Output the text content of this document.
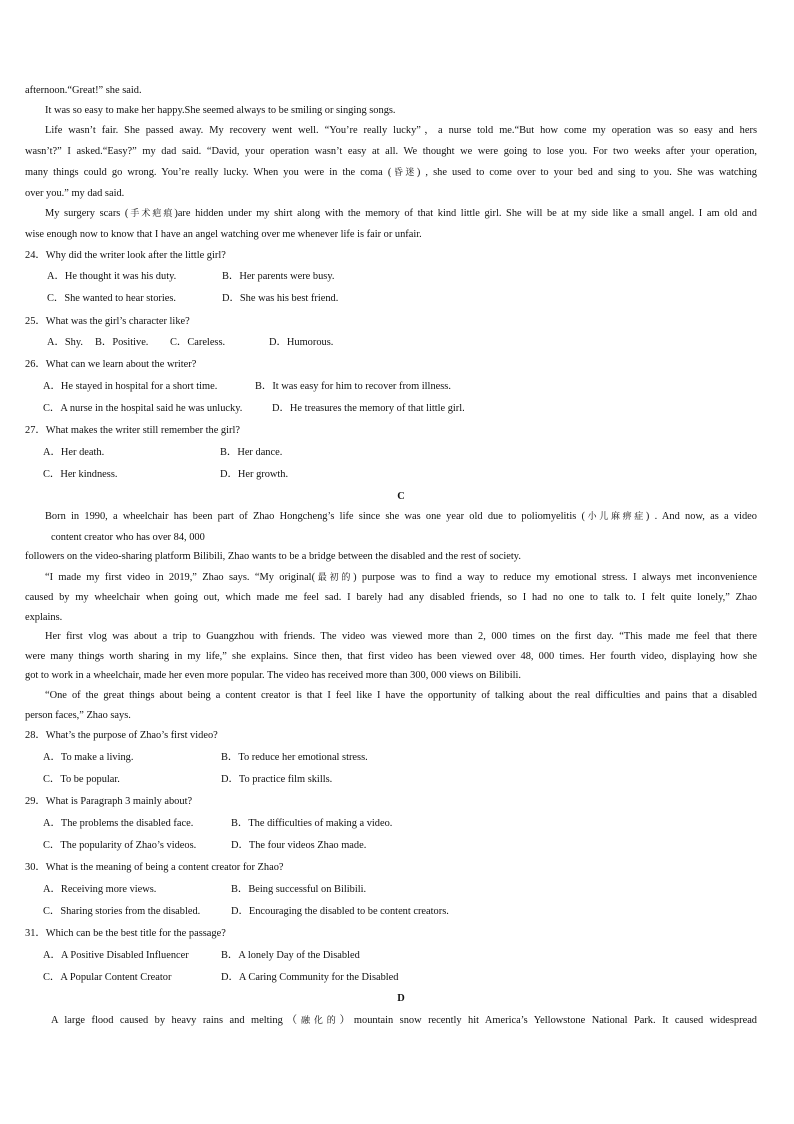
afternoon.“Great!” she said.
It was so easy to make her happy.She seemed always to be smiling or singing songs.
Life wasn’t fair. She passed away. My recovery went well. “You’re really lucky”，a nurse told me.“But how come my operation was so easy and hers
wasn’t?” I asked.“Easy?” my dad said. “David, your operation wasn’t easy at all. We thought we were going to lose you. For two weeks after your operation,
many things could go wrong. You’re really lucky. When you were in the coma (昏迷) , she used to come over to your bed and sing to you. She was watching
over you.” my dad said.
My surgery scars (手术疤痕)are hidden under my shirt along with the memory of that kind little girl. She will be at my side like a small angel. I am old and
wise enough now to know that I have an angel watching over me whenever life is fair or unfair.
24．Why did the writer look after the little girl?
A．He thought it was his duty.	B．Her parents were busy.
C．She wanted to hear stories.	D．She was his best friend.
25．What was the girl’s character like?
A．Shy. B．Positive. C．Careless.	D．Humorous.
26．What can we learn about the writer?
A．He stayed in hospital for a short time.	B．It was easy for him to recover from illness.
C．A nurse in the hospital said he was unlucky.	D．He treasures the memory of that little girl.
27．What makes the writer still remember the girl?
A．Her death.	B．Her dance.
C．Her kindness.	D．Her growth.
C
Born in 1990, a wheelchair has been part of Zhao Hongcheng’s life since she was one year old due to poliomyelitis (小儿麻痹症) . And now, as a video
content creator who has over 84, 000
followers on the video-sharing platform Bilibili, Zhao wants to be a bridge between the disabled and the rest of society.
“I made my first video in 2019,” Zhao says. “My original(最初的) purpose was to find a way to reduce my emotional stress. I always met inconvenience
caused by my wheelchair when going out, which made me feel sad. I barely had any disabled friends, so I had no one to talk to. I felt quite lonely,” Zhao
explains.
Her first vlog was about a trip to Guangzhou with friends. The video was viewed more than 2, 000 times on the first day. “This made me feel that there
were many things worth sharing in my life,” she explains. Since then, that first video has been viewed over 48, 000 times. Her fourth video, displaying how she
got to work in a wheelchair, made her even more popular. The video has received more than 300, 000 views on Bilibili.
“One of the great things about being a content creator is that I feel like I have the opportunity of talking about the real difficulties and pains that a disabled
person faces,” Zhao says.
28．What’s the purpose of Zhao’s first video?
A．To make a living.	B．To reduce her emotional stress.
C．To be popular.	D．To practice film skills.
29．What is Paragraph 3 mainly about?
A．The problems the disabled face.	B．The difficulties of making a video.
C．The popularity of Zhao’s videos.	D．The four videos Zhao made.
30．What is the meaning of being a content creator for Zhao?
A．Receiving more views.	B．Being successful on Bilibili.
C．Sharing stories from the disabled.	D．Encouraging the disabled to be content creators.
31．Which can be the best title for the passage?
A．A Positive Disabled Influencer	B．A lonely Day of the Disabled
C．A Popular Content Creator	D．A Caring Community for the Disabled
D
A large flood caused by heavy rains and melting（融化的）mountain snow recently hit America’s Yellowstone National Park. It caused widespread
